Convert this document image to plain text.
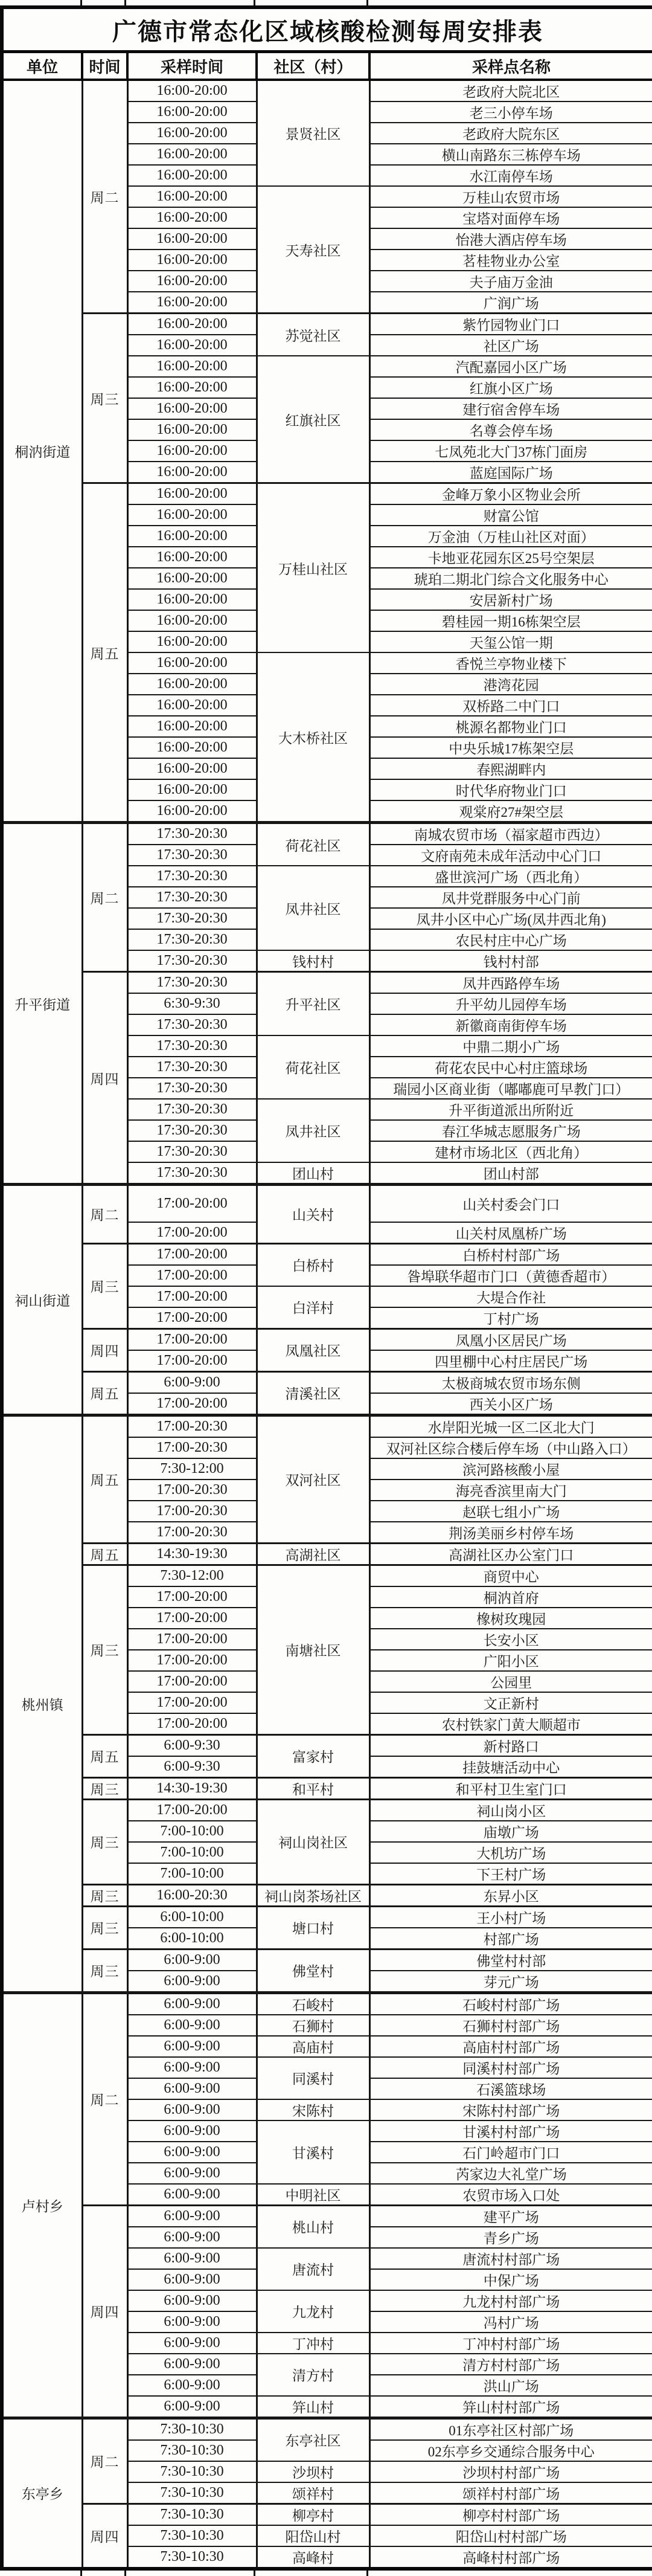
广德市常态化区域核酸检测每周安排表				
单位	时间	采样时间	社区（村）	采样点名称
桐汭街道	周二	16:00-20:00	景贤社区	老政府大院北区
		16:00-20:00		老三小停车场
		16:00-20:00		老政府大院东区
		16:00-20:00		横山南路东三栋停车场
		16:00-20:00		水江南停车场
		16:00-20:00	天寿社区	万桂山农贸市场
		16:00-20:00		宝塔对面停车场
		16:00-20:00		怡港大酒店停车场
		16:00-20:00		茗桂物业办公室
		16:00-20:00		夫子庙万金油
		16:00-20:00		广润广场
	周三	16:00-20:00	苏觉社区	紫竹园物业门口
		16:00-20:00		社区广场
		16:00-20:00	红旗社区	汽配嘉园小区广场
		16:00-20:00		红旗小区广场
		16:00-20:00		建行宿舍停车场
		16:00-20:00		名尊会停车场
		16:00-20:00		七凤苑北大门37栋门面房
		16:00-20:00		蓝庭国际广场
	周五	16:00-20:00	万桂山社区	金峰万象小区物业会所
		16:00-20:00		财富公馆
		16:00-20:00		万金油（万桂山社区对面）
		16:00-20:00		卡地亚花园东区25号空架层
		16:00-20:00		琥珀二期北门综合文化服务中心
		16:00-20:00		安居新村广场
		16:00-20:00		碧桂园一期16栋架空层
		16:00-20:00		天玺公馆一期
		16:00-20:00	大木桥社区	香悦兰亭物业楼下
		16:00-20:00		港湾花园
		16:00-20:00		双桥路二中门口
		16:00-20:00		桃源名都物业门口
		16:00-20:00		中央乐城17栋架空层
		16:00-20:00		春熙湖畔内
		16:00-20:00		时代华府物业门口
		16:00-20:00		观棠府27#架空层
升平街道	周二	17:30-20:30	荷花社区	南城农贸市场（福家超市西边）
		17:30-20:30		文府南苑未成年活动中心门口
		17:30-20:30	凤井社区	盛世滨河广场（西北角）
		17:30-20:30		凤井党群服务中心门前
		17:30-20:30		凤井小区中心广场(凤井西北角)
		17:30-20:30		农民村庄中心广场
		17:30-20:30	钱村村	钱村村部
	周四	17:30-20:30	升平社区	凤井西路停车场
		6:30-9:30		升平幼儿园停车场
		17:30-20:30		新徽商南街停车场
		17:30-20:30	荷花社区	中鼎二期小广场
		17:30-20:30		荷花农民中心村庄篮球场
		17:30-20:30		瑞园小区商业街（嘟嘟鹿可早教门口）
		17:30-20:30	凤井社区	升平街道派出所附近
		17:30-20:30		春江华城志愿服务广场
		17:30-20:30		建材市场北区（西北角）
		17:30-20:30	团山村	团山村部
祠山街道	周二	17:00-20:00	山关村	山关村委会门口
		17:00-20:00		山关村凤凰桥广场
	周三	17:00-20:00	白桥村	白桥村村部广场
		17:00-20:00		昝埠联华超市门口（黄德香超市）
		17:00-20:00	白洋村	大堤合作社
		17:00-20:00		丁村广场
	周四	17:00-20:00	凤凰社区	凤凰小区居民广场
		17:00-20:00		四里棚中心村庄居民广场
	周五	6:00-9:00	清溪社区	太极商城农贸市场东侧
		17:00-20:00		西关小区广场
桃州镇	周五	17:00-20:30	双河社区	水岸阳光城一区二区北大门
		17:00-20:30		双河社区综合楼后停车场（中山路入口）
		7:30-12:00		滨河路核酸小屋
		17:00-20:30		海亮香滨里南大门
		17:00-20:30		赵联七组小广场
		17:00-20:30		荆汤美丽乡村停车场
	周五	14:30-19:30	高湖社区	高湖社区办公室门口
	周三	7:30-12:00	南塘社区	商贸中心
		17:00-20:00		桐汭首府
		17:00-20:00		橡树玫瑰园
		17:00-20:00		长安小区
		17:00-20:00		广阳小区
		17:00-20:00		公园里
		17:00-20:00		文正新村
		17:00-20:00		农村铁家门黄大顺超市
	周五	6:00-9:30	富家村	新村路口
		6:00-9:30		挂鼓塘活动中心
	周三	14:30-19:30	和平村	和平村卫生室门口
	周三	17:00-20:00	祠山岗社区	祠山岗小区
		7:00-10:00		庙墩广场
		7:00-10:00		大机坊广场
		7:00-10:00		下王村广场
	周三	16:00-20:30	祠山岗茶场社区	东昇小区
	周三	6:00-10:00	塘口村	王小村广场
		6:00-10:00		村部广场
	周三	6:00-9:00	佛堂村	佛堂村村部
		6:00-9:00		芽元广场
卢村乡	周二	6:00-9:00	石峻村	石峻村村部广场
		6:00-9:00	石狮村	石狮村村部广场
		6:00-9:00	高庙村	高庙村村部广场
		6:00-9:00	同溪村	同溪村村部广场
		6:00-9:00		石溪篮球场
		6:00-9:00	宋陈村	宋陈村村部广场
		6:00-9:00	甘溪村	甘溪村村部广场
		6:00-9:00		石门岭超市门口
		6:00-9:00		芮家边大礼堂广场
		6:00-9:00	中明社区	农贸市场入口处
	周四	6:00-9:00	桃山村	建平广场
		6:00-9:00		青乡广场
		6:00-9:00	唐流村	唐流村村部广场
		6:00-9:00		中保广场
		6:00-9:00	九龙村	九龙村村部广场
		6:00-9:00		冯村广场
		6:00-9:00	丁冲村	丁冲村村部广场
		6:00-9:00	清方村	清方村村部广场
		6:00-9:00		洪山广场
		6:00-9:00	笄山村	笄山村村部广场
东亭乡	周二	7:30-10:30	东亭社区	01东亭社区村部广场
		7:30-10:30		02东亭乡交通综合服务中心
		7:30-10:30	沙坝村	沙坝村村部广场
		7:30-10:30	颂祥村	颂祥村村部广场
	周四	7:30-10:30	柳亭村	柳亭村村部广场
		7:30-10:30	阳岱山村	阳岱山村村部广场
		7:30-10:30	高峰村	高峰村村部广场
